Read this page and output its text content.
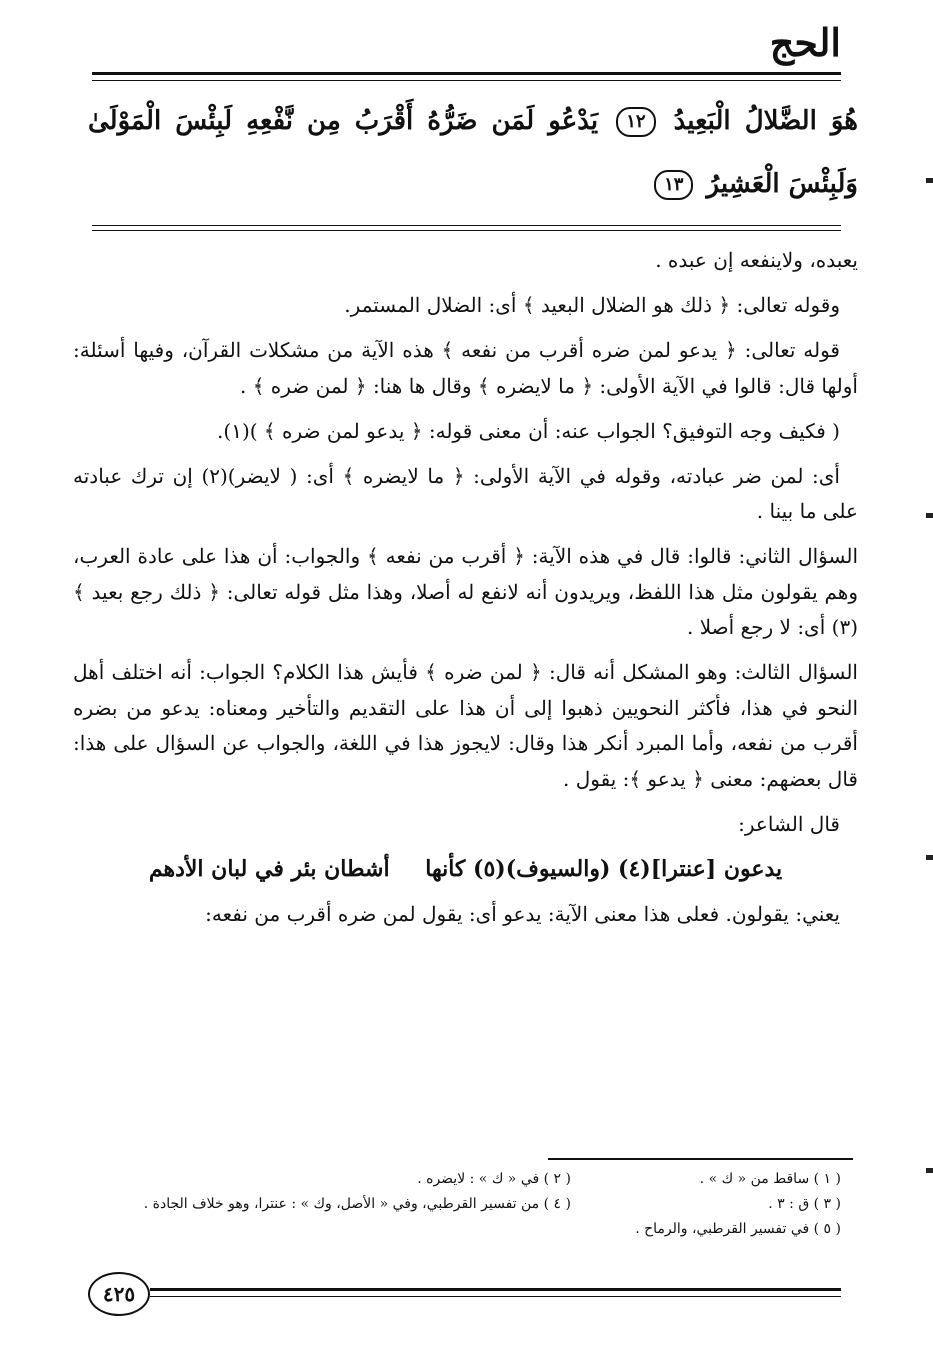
الحج
هُوَ الضَّلالُ الْبَعِيدُ ١٢ يَدْعُو لَمَن ضَرُّهُ أَقْرَبُ مِن نَّفْعِهِ لَبِئْسَ الْمَوْلَىٰ وَلَبِئْسَ الْعَشِيرُ ١٣

يعبده، ولاينفعه إن عبده .

وقوله تعالى: ﴿ ذلك هو الضلال البعيد ﴾ أى: الضلال المستمر.

قوله تعالى: ﴿ يدعو لمن ضره أقرب من نفعه ﴾ هذه الآية من مشكلات القرآن، وفيها أسئلة: أولها قال: قالوا في الآية الأولى: ﴿ ما لايضره ﴾ وقال ها هنا: ﴿ لمن ضره ﴾ .

( فكيف وجه التوفيق؟ الجواب عنه: أن معنى قوله: ﴿ يدعو لمن ضره ﴾ )(١).

أى: لمن ضر عبادته، وقوله في الآية الأولى: ﴿ ما لايضره ﴾ أى: ( لايضر)(٢) إن ترك عبادته على ما بينا .

السؤال الثاني: قالوا: قال في هذه الآية: ﴿ أقرب من نفعه ﴾ والجواب: أن هذا على عادة العرب، وهم يقولون مثل هذا اللفظ، ويريدون أنه لانفع له أصلا، وهذا مثل قوله تعالى: ﴿ ذلك رجع بعيد ﴾(٣) أى: لا رجع أصلا .

السؤال الثالث: وهو المشكل أنه قال: ﴿ لمن ضره ﴾ فأيش هذا الكلام؟ الجواب: أنه اختلف أهل النحو في هذا، فأكثر النحويين ذهبوا إلى أن هذا على التقديم والتأخير ومعناه: يدعو من بضره أقرب من نفعه، وأما المبرد أنكر هذا وقال: لايجوز هذا في اللغة، والجواب عن السؤال على هذا: قال بعضهم: معنى ﴿ يدعو ﴾: يقول .

قال الشاعر:

يدعون [عنترا](٤) (والسيوف)(٥) كأنها أشطان بئر في لبان الأدهم

يعني: يقولون. فعلى هذا معنى الآية: يدعو أى: يقول لمن ضره أقرب من نفعه:

( ١ ) ساقط من « ك » .
( ٢ ) في « ك » : لايضره .
( ٣ ) ق : ٣ .
( ٤ ) من تفسير القرطبي، وفي « الأصل، وك » : عنترا، وهو خلاف الجادة .
( ٥ ) في تفسير القرطبي، والرماح .
٤٢٥
